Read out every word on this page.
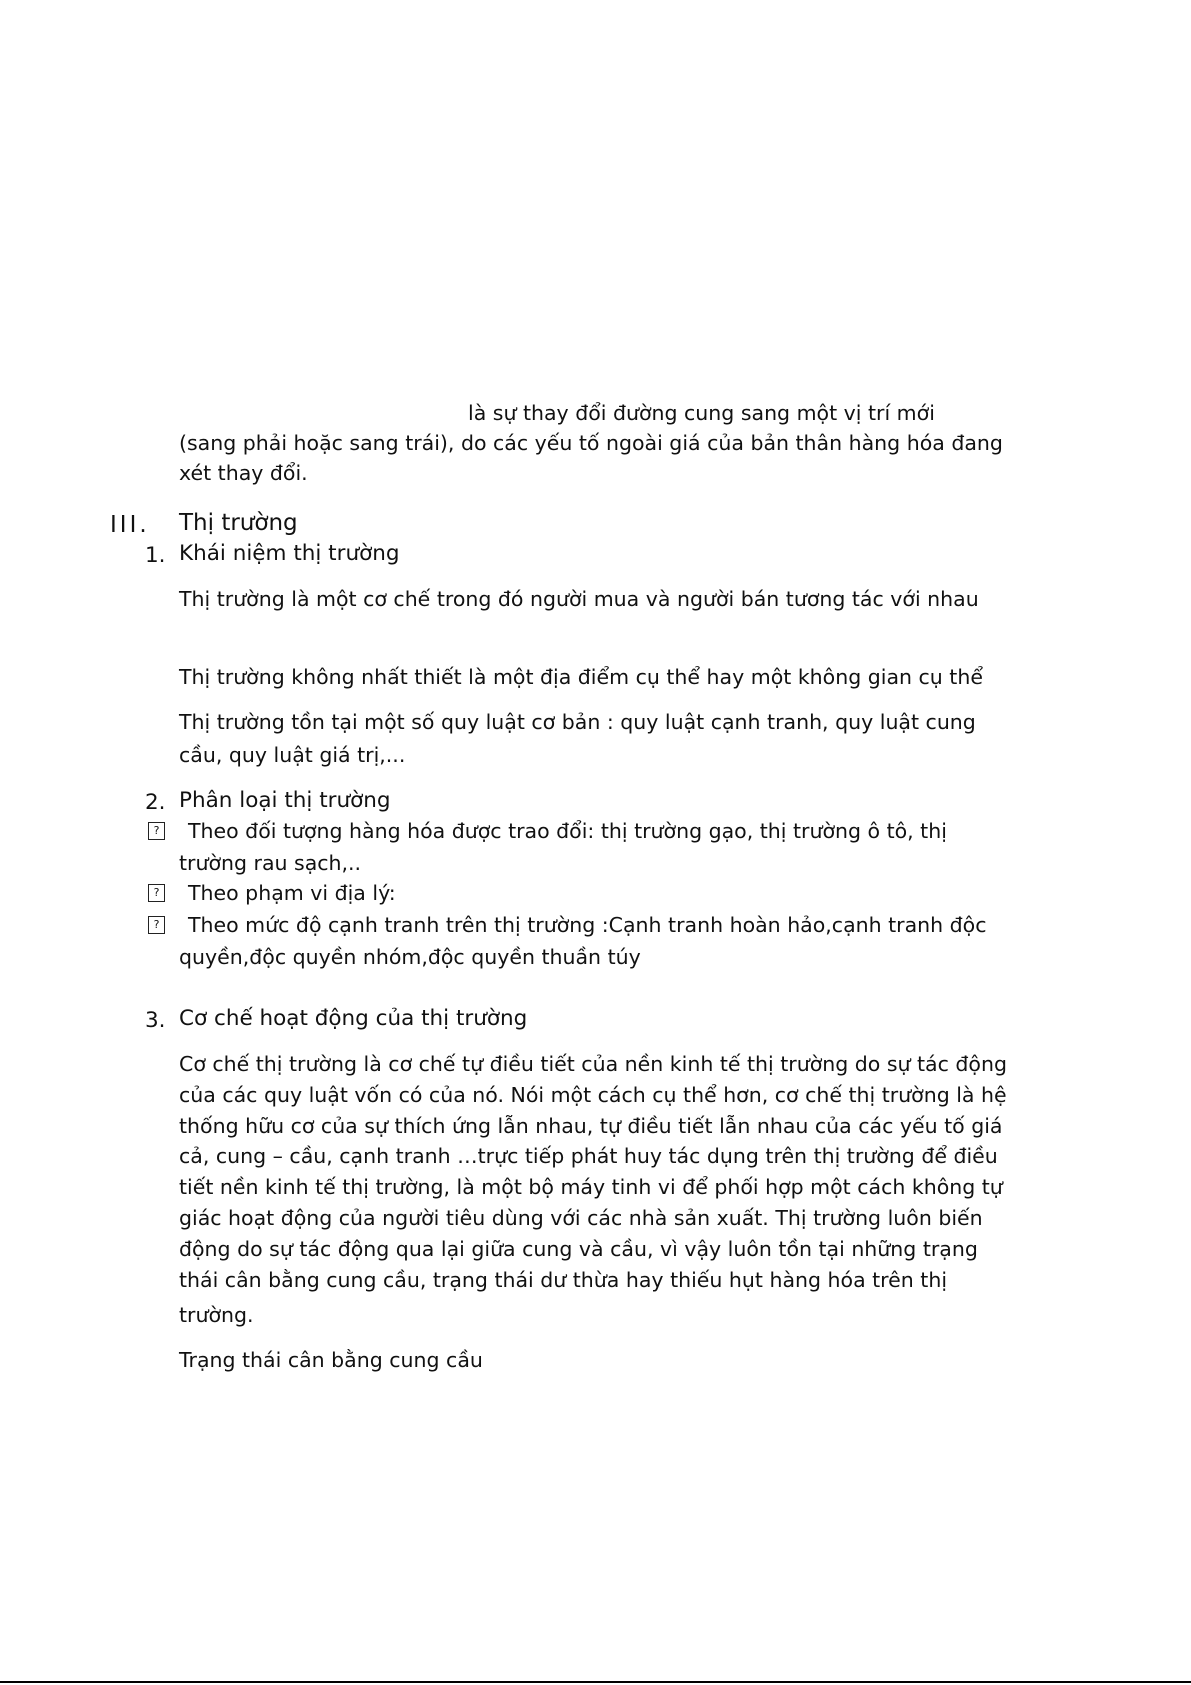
là sự thay đổi đường cung sang một vị trí mới

(sang phải hoặc sang trái), do các yếu tố ngoài giá của bản thân hàng hóa đang

xét thay đổi.

III. Thị trường
1. Khái niệm thị trường

Thị trường là một cơ chế trong đó người mua và người bán tương tác với nhau

Thị trường không nhất thiết là một địa điểm cụ thể hay một không gian cụ thể

Thị trường tồn tại một số quy luật cơ bản : quy luật cạnh tranh, quy luật cung

cầu, quy luật giá trị,...

2. Phân loại thị trường
? Theo đối tượng hàng hóa được trao đổi: thị trường gạo, thị trường ô tô, thị

trường rau sạch,..

? Theo phạm vi địa lý:

? Theo mức độ cạnh tranh trên thị trường :Cạnh tranh hoàn hảo,cạnh tranh độc

quyền,độc quyền nhóm,độc quyền thuần túy

3. Cơ chế hoạt động của thị trường

Cơ chế thị trường là cơ chế tự điều tiết của nền kinh tế thị trường do sự tác động

của các quy luật vốn có của nó. Nói một cách cụ thể hơn, cơ chế thị trường là hệ

thống hữu cơ của sự thích ứng lẫn nhau, tự điều tiết lẫn nhau của các yếu tố giá

cả, cung – cầu, cạnh tranh …trực tiếp phát huy tác dụng trên thị trường để điều

tiết nền kinh tế thị trường, là một bộ máy tinh vi để phối hợp một cách không tự

giác hoạt động của người tiêu dùng với các nhà sản xuất. Thị trường luôn biến

động do sự tác động qua lại giữa cung và cầu, vì vậy luôn tồn tại những trạng

thái cân bằng cung cầu, trạng thái dư thừa hay thiếu hụt hàng hóa trên thị

trường.

Trạng thái cân bằng cung cầu
